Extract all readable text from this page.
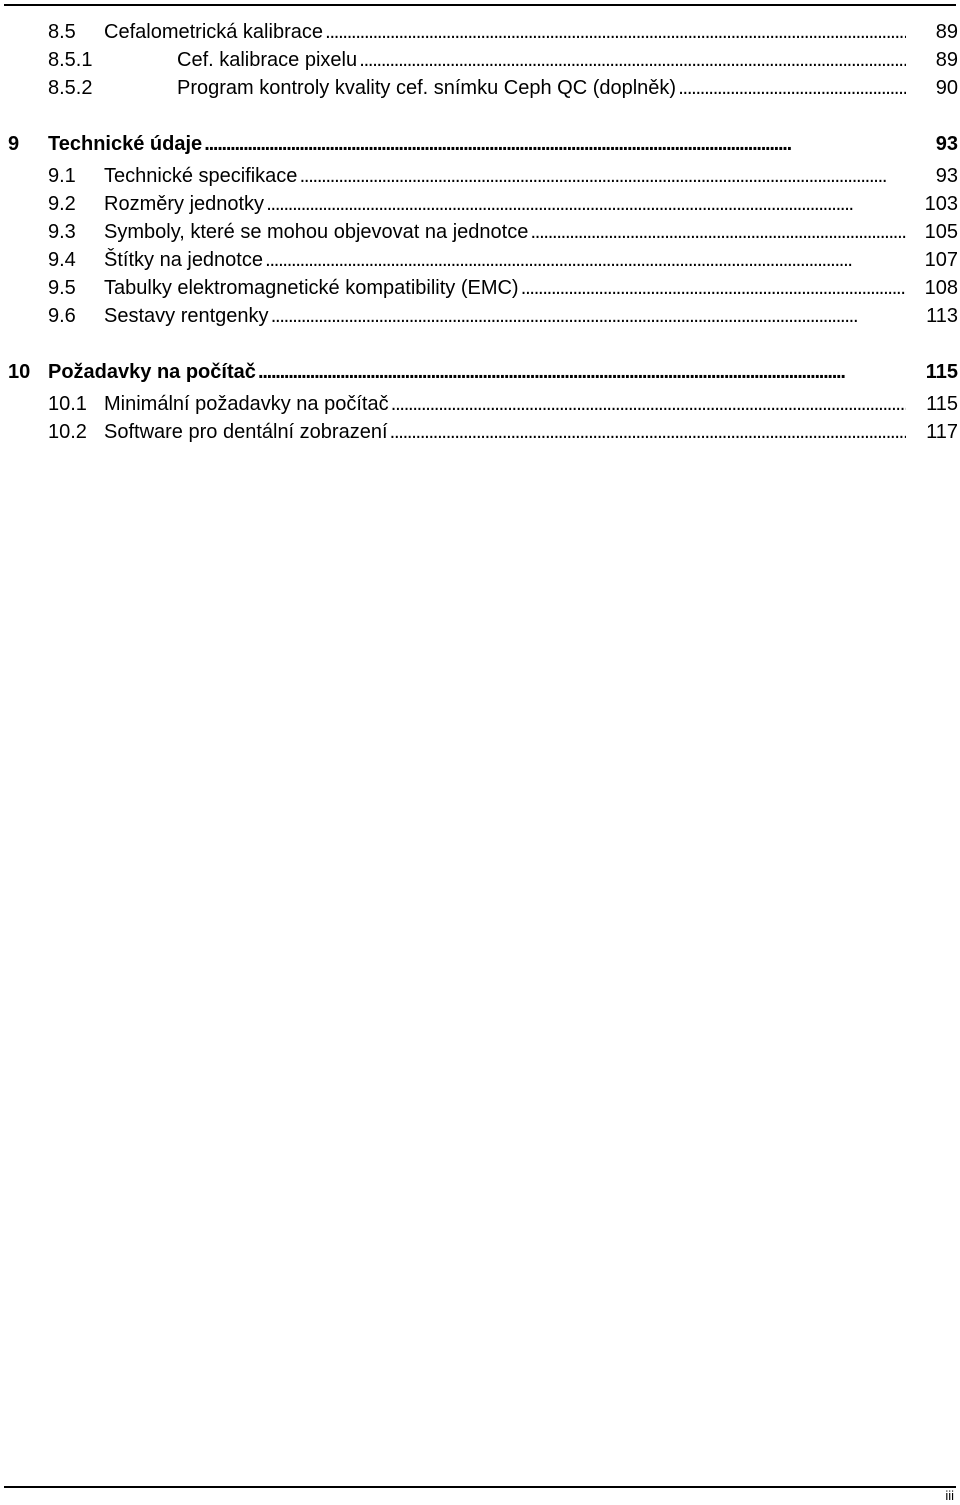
8.5 Cefalometrická kalibrace . . .	89
8.5.1	Cef. kalibrace pixelu . . .	89
8.5.2	Program kontroly kvality cef. snímku Ceph QC (doplněk) . . .	90
9 Technické údaje . . .	93
9.1 Technické specifikace . . .	93
9.2 Rozměry jednotky . . .	103
9.3 Symboly, které se mohou objevovat na jednotce . . .	105
9.4 Štítky na jednotce . . .	107
9.5 Tabulky elektromagnetické kompatibility (EMC) . . .	108
9.6 Sestavy rentgenky . . .	113
10 Požadavky na počítač . . .	115
10.1 Minimální požadavky na počítač . . .	115
10.2 Software pro dentální zobrazení . . .	117
iii
